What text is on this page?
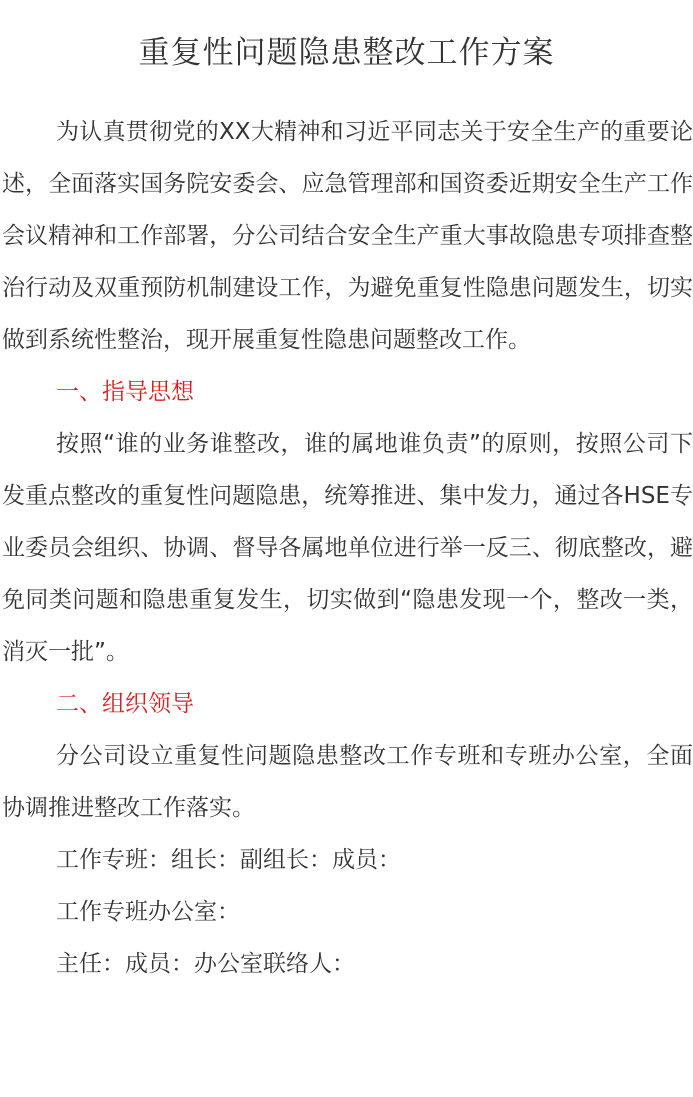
重复性问题隐患整改工作方案

为认真贯彻党的XX大精神和习近平同志关于安全生产的重要论述，全面落实国务院安委会、应急管理部和国资委近期安全生产工作会议精神和工作部署，分公司结合安全生产重大事故隐患专项排查整治行动及双重预防机制建设工作，为避免重复性隐患问题发生，切实做到系统性整治，现开展重复性隐患问题整改工作。

一、指导思想

按照“谁的业务谁整改，谁的属地谁负责”的原则，按照公司下发重点整改的重复性问题隐患，统筹推进、集中发力，通过各HSE专业委员会组织、协调、督导各属地单位进行举一反三、彻底整改，避免同类问题和隐患重复发生，切实做到“隐患发现一个，整改一类，消灭一批”。

二、组织领导

分公司设立重复性问题隐患整改工作专班和专班办公室，全面协调推进整改工作落实。

工作专班：组长：副组长：成员：

工作专班办公室：

主任：成员：办公室联络人：
